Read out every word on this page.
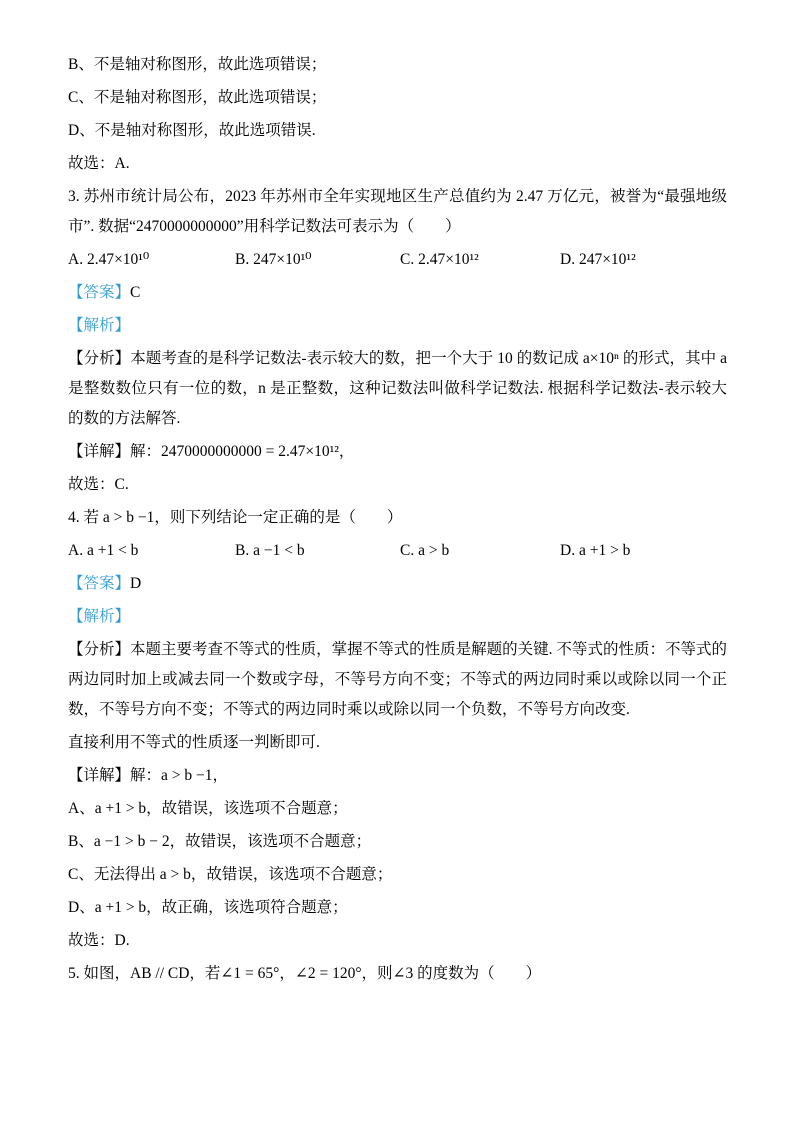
B、不是轴对称图形，故此选项错误；

C、不是轴对称图形，故此选项错误；

D、不是轴对称图形，故此选项错误.

故选：A.

3. 苏州市统计局公布，2023 年苏州市全年实现地区生产总值约为 2.47 万亿元，被誉为“最强地级市”. 数据“2470000000000”用科学记数法可表示为（　　）

A. 2.47×10¹⁰	B. 247×10¹⁰	C. 2.47×10¹²	D. 247×10¹²

【答案】C

【解析】

【分析】本题考查的是科学记数法-表示较大的数，把一个大于 10 的数记成 a×10ⁿ 的形式，其中 a 是整数数位只有一位的数，n 是正整数，这种记数法叫做科学记数法. 根据科学记数法-表示较大的数的方法解答.

【详解】解：2470000000000 = 2.47×10¹²，

故选：C.

4. 若 a > b −1，则下列结论一定正确的是（　　）

A. a +1 < b	B. a −1 < b	C. a > b	D. a +1 > b

【答案】D

【解析】

【分析】本题主要考查不等式的性质，掌握不等式的性质是解题的关键. 不等式的性质：不等式的两边同时加上或减去同一个数或字母，不等号方向不变；不等式的两边同时乘以或除以同一个正数，不等号方向不变；不等式的两边同时乘以或除以同一个负数，不等号方向改变.

直接利用不等式的性质逐一判断即可.

【详解】解：a > b −1，

A、a +1 > b，故错误，该选项不合题意；

B、a −1 > b − 2，故错误，该选项不合题意；

C、无法得出 a > b，故错误，该选项不合题意；

D、a +1 > b，故正确，该选项符合题意；

故选：D.

5. 如图，AB // CD，若∠1 = 65°，∠2 = 120°，则∠3 的度数为（　　）
